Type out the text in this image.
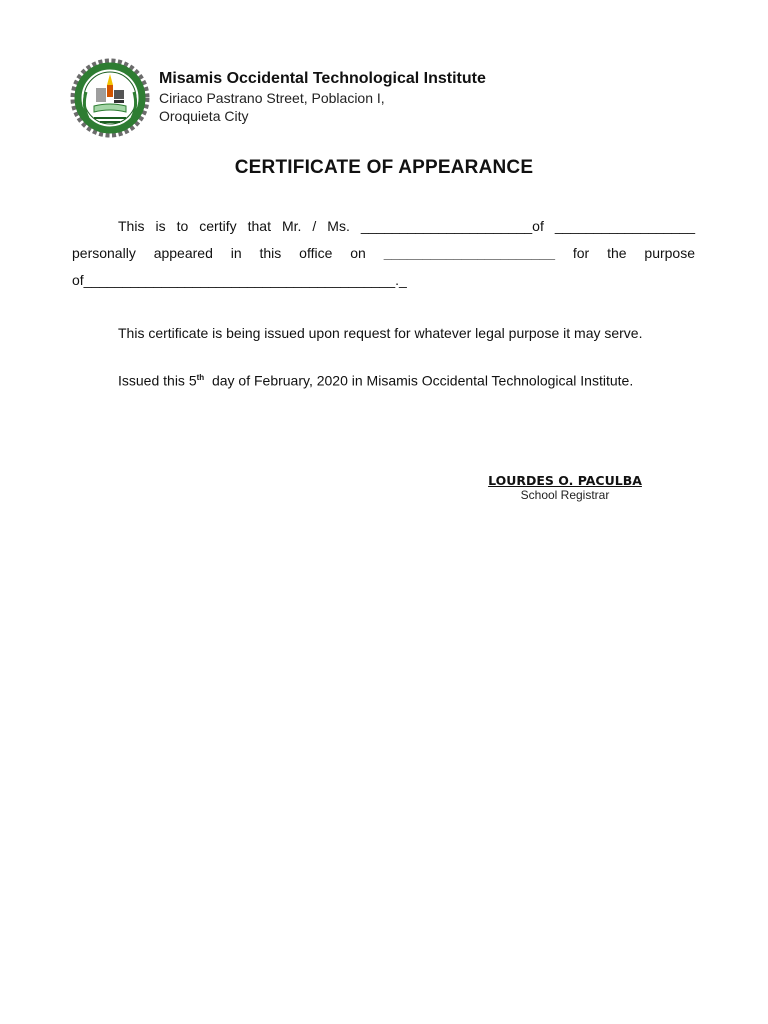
Misamis Occidental Technological Institute
Ciriaco Pastrano Street, Poblacion I,
Oroquieta City
CERTIFICATE OF APPEARANCE
This is to certify that Mr. / Ms. ______________________of __________________
personally appeared in this office on ______________________ for the purpose
of________________________________________._
This certificate is being issued upon request for whatever legal purpose it may serve.
Issued this 5th  day of February, 2020 in Misamis Occidental Technological Institute.
LOURDES O. PACULBA
School Registrar
